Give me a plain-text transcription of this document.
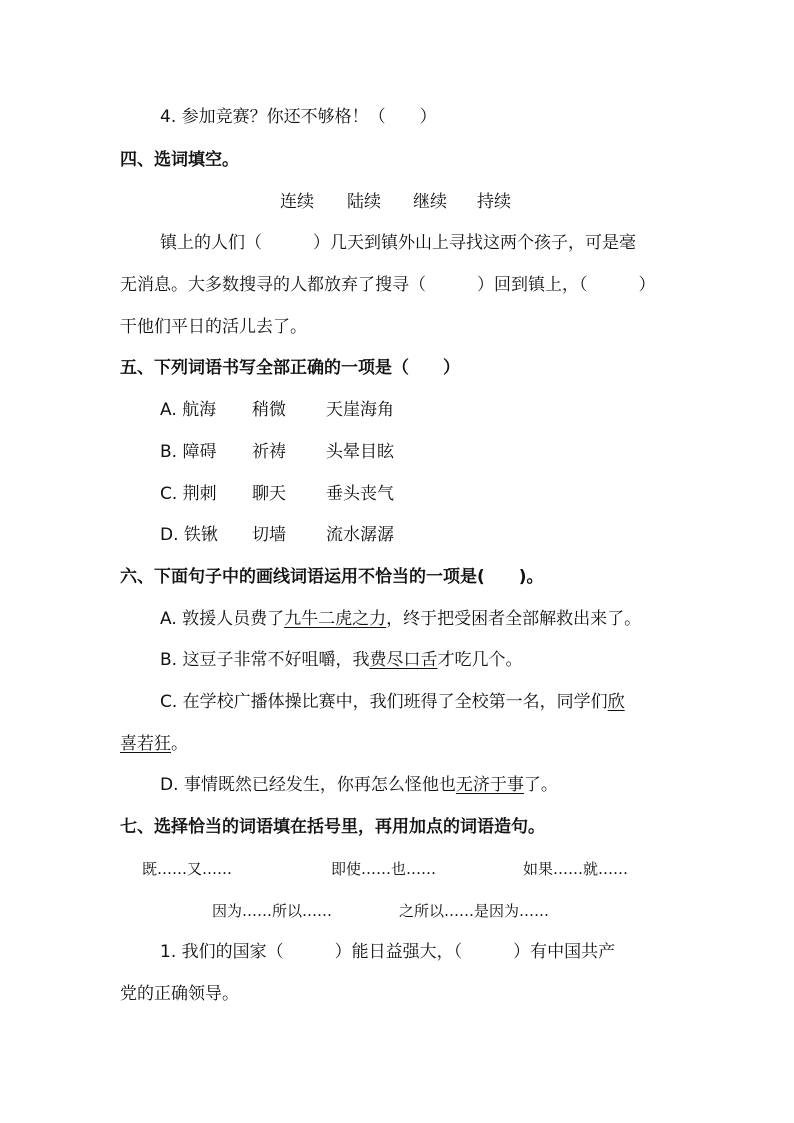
4. 参加竞赛？你还不够格！（　　）
四、选词填空。
连续 陆续 继续 持续
镇上的人们（　　　）几天到镇外山上寻找这两个孩子，可是毫
无消息。大多数搜寻的人都放弃了搜寻（　　　）回到镇上，（　　　）
干他们平日的活儿去了。
五、下列词语书写全部正确的一项是（　　）
A. 航海 稍微 天崖海角
B. 障碍 祈祷 头晕目眩
C. 荆刺 聊天 垂头丧气
D. 铁锹 切墙 流水潺潺
六、下面句子中的画线词语运用不恰当的一项是(　　)。
A. 敦援人员费了九牛二虎之力，终于把受困者全部解救出来了。
B. 这豆子非常不好咀嚼，我费尽口舌才吃几个。
C. 在学校广播体操比赛中，我们班得了全校第一名，同学们欣
喜若狂。
D. 事情既然已经发生，你再怎么怪他也无济于事了。
七、选择恰当的词语填在括号里，再用加点的词语造句。
既……又……	即使……也……	如果……就……
因为……所以……	之所以……是因为……
1. 我们的国家（　　　）能日益强大，（　　　）有中国共产
党的正确领导。
